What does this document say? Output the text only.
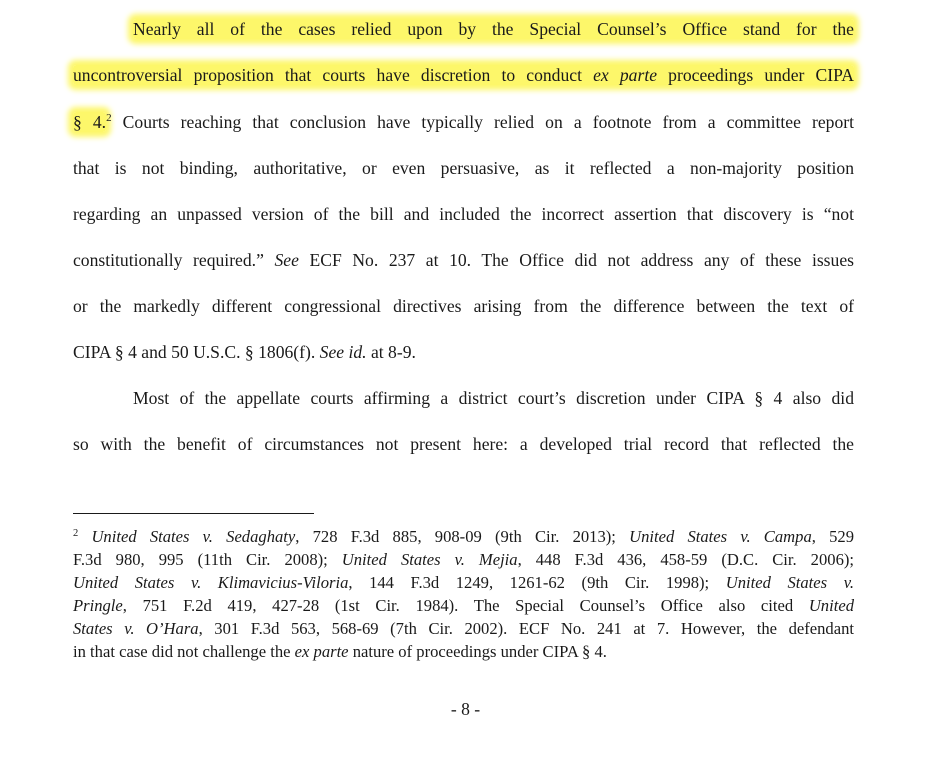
Nearly all of the cases relied upon by the Special Counsel’s Office stand for the
uncontroversial proposition that courts have discretion to conduct ex parte proceedings under CIPA
§ 4.$^2$ Courts reaching that conclusion have typically relied on a footnote from a committee report
that is not binding, authoritative, or even persuasive, as it reflected a non-majority position
regarding an unpassed version of the bill and included the incorrect assertion that discovery is “not
constitutionally required.” See ECF No. 237 at 10. The Office did not address any of these issues
or the markedly different congressional directives arising from the difference between the text of
CIPA § 4 and 50 U.S.C. § 1806(f). See id. at 8-9.
Most of the appellate courts affirming a district court’s discretion under CIPA § 4 also did
so with the benefit of circumstances not present here: a developed trial record that reflected the
$^2$ United States v. Sedaghaty, 728 F.3d 885, 908-09 (9th Cir. 2013); United States v. Campa, 529
F.3d 980, 995 (11th Cir. 2008); United States v. Mejia, 448 F.3d 436, 458-59 (D.C. Cir. 2006);
United States v. Klimavicius-Viloria, 144 F.3d 1249, 1261-62 (9th Cir. 1998); United States v.
Pringle, 751 F.2d 419, 427-28 (1st Cir. 1984). The Special Counsel’s Office also cited United
States v. O’Hara, 301 F.3d 563, 568-69 (7th Cir. 2002). ECF No. 241 at 7. However, the defendant
in that case did not challenge the ex parte nature of proceedings under CIPA § 4.
- 8 -
